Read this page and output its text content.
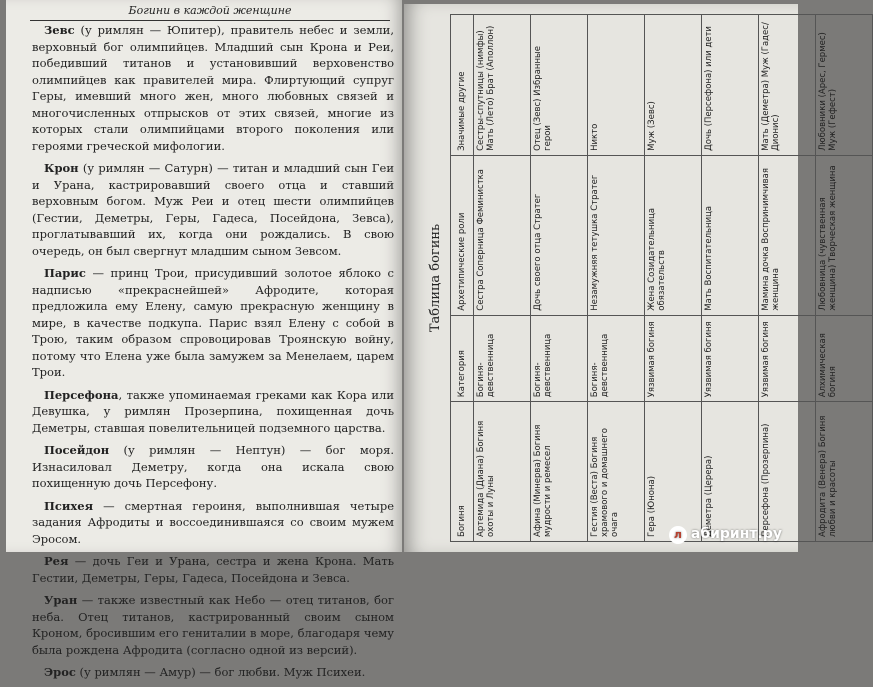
Богини в каждой женщине

Зевс (у римлян — Юпитер), правитель небес и земли, верховный бог олимпийцев. Младший сын Крона и Реи, победивший титанов и установивший верховенство олимпийцев как правителей мира. Флиртующий супруг Геры, имевший много жен, много любовных связей и многочисленных отпрысков от этих связей, многие из которых стали олимпийцами второго поколения или героями греческой мифологии.

Крон (у римлян — Сатурн) — титан и младший сын Геи и Урана, кастрировавший своего отца и ставший верховным богом. Муж Реи и отец шести олимпийцев (Гестии, Деметры, Геры, Гадеса, Посейдона, Зевса), проглатывавший их, когда они рождались. В свою очередь, он был свергнут младшим сыном Зевсом.

Парис — принц Трои, присудивший золотое яблоко с надписью «прекраснейшей» Афродите, которая предложила ему Елену, самую прекрасную женщину в мире, в качестве подкупа. Парис взял Елену с собой в Трою, таким образом спровоцировав Троянскую войну, потому что Елена уже была замужем за Менелаем, царем Трои.

Персефона, также упоминаемая греками как Кора или Девушка, у римлян Прозерпина, похищенная дочь Деметры, ставшая повелительницей подземного царства.

Посейдон (у римлян — Нептун) — бог моря. Изнасиловал Деметру, когда она искала свою похищенную дочь Персефону.

Психея — смертная героиня, выполнившая четыре задания Афродиты и воссоединившаяся со своим мужем Эросом.

Рея — дочь Геи и Урана, сестра и жена Крона. Мать Гестии, Деметры, Геры, Гадеса, Посейдона и Зевса.

Уран — также известный как Небо — отец титанов, бог неба. Отец титанов, кастрированный своим сыном Кроном, бросившим его гениталии в море, благодаря чему была рождена Афродита (согласно одной из версий).

Эрос (у римлян — Амур) — бог любви. Муж Психеи.

Таблица богинь
Богиня	Категория	Архетипические роли	Значимые другие
Артемида (Диана) Богиня охоты и Луны	Богиня-девственница	Сестра Соперница Феминистка	Сестры-спутницы (нимфы) Мать (Лето) Брат (Аполлон)
Афина (Минерва) Богиня мудрости и ремесел	Богиня-девственница	Дочь своего отца Стратег	Отец (Зевс) Избранные герои
Гестия (Веста) Богиня храмового и домашнего очага	Богиня-девственница	Незамужняя тетушка Стратег	Никто
Гера (Юнона)	Уязвимая богиня	Жена Созидательница обязательств	Муж (Зевс)
Деметра (Церера)	Уязвимая богиня	Мать Воспитательница	Дочь (Персефона) или дети
Персефона (Прозерпина)	Уязвимая богиня	Мамина дочка Воспринимчивая женщина	Мать (Деметра) Муж (Гадес/Дионис)
Афродита (Венера) Богиня любви и красоты	Алхимическая богиня	Любовница (чувственная женщина) Творческая женщина	Любовники (Арес, Гермес) Муж (Гефест)
л абиринт.ру
